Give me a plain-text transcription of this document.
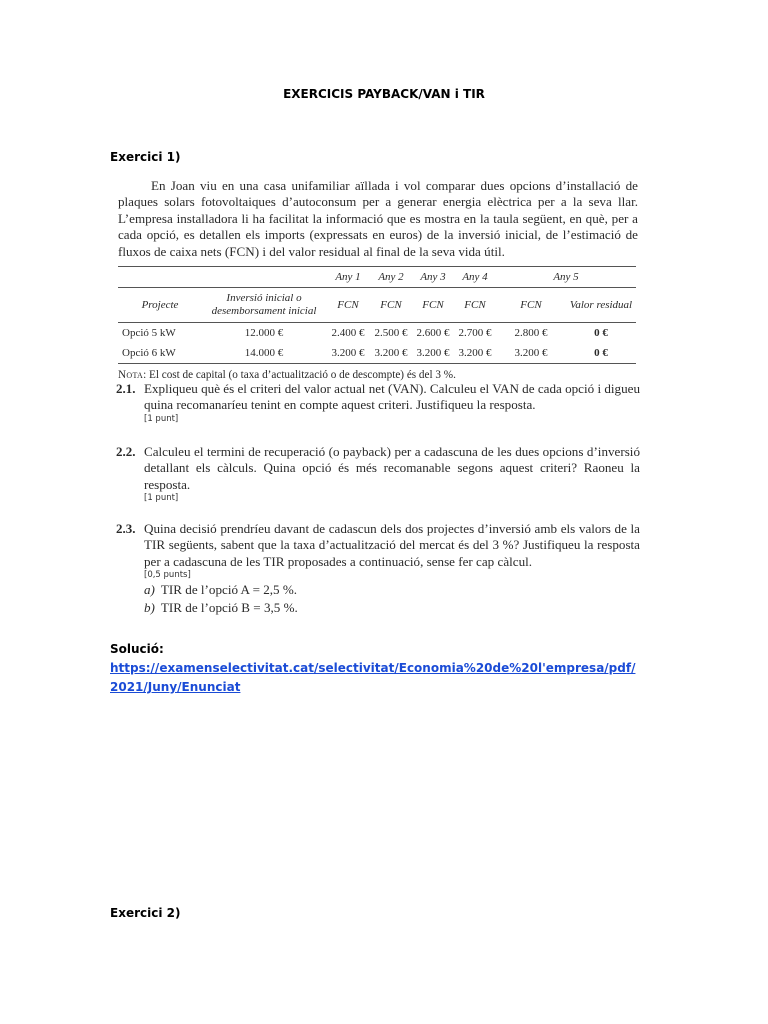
EXERCICIS PAYBACK/VAN i TIR
Exercici 1)

En Joan viu en una casa unifamiliar aïllada i vol comparar dues opcions d’installació de plaques solars fotovoltaiques d’autoconsum per a generar energia elèctrica per a la seva llar. L’empresa installadora li ha facilitat la informació que es mostra en la taula següent, en què, per a cada opció, es detallen els imports (expressats en euros) de la inversió inicial, de l’estimació de fluxos de caixa nets (FCN) i del valor residual al final de la seva vida útil.

		Any 1	Any 2	Any 3	Any 4	Any 5	
Projecte	Inversió inicial o desemborsament inicial	FCN	FCN	FCN	FCN	FCN	Valor residual
Opció 5 kW	12.000 €	2.400 €	2.500 €	2.600 €	2.700 €	2.800 €	0 €
Opció 6 kW	14.000 €	3.200 €	3.200 €	3.200 €	3.200 €	3.200 €	0 €
Nota: El cost de capital (o taxa d’actualització o de descompte) és del 3 %.
2.1. Expliqueu què és el criteri del valor actual net (VAN). Calculeu el VAN de cada opció i digueu quina recomanaríeu tenint en compte aquest criteri. Justifiqueu la resposta.
[1 punt]
2.2. Calculeu el termini de recuperació (o payback) per a cadascuna de les dues opcions d’inversió detallant els càlculs. Quina opció és més recomanable segons aquest criteri? Raoneu la resposta.
[1 punt]
2.3. Quina decisió prendríeu davant de cadascun dels dos projectes d’inversió amb els valors de la TIR següents, sabent que la taxa d’actualització del mercat és del 3 %? Justifiqueu la resposta per a cadascuna de les TIR proposades a continuació, sense fer cap càlcul.
[0,5 punts]
a) TIR de l’opció A = 2,5 %.
b) TIR de l’opció B = 3,5 %.
Solució: https://examenselectivitat.cat/selectivitat/Economia%20de%20l'empresa/pdf/
2021/Juny/Enunciat
Exercici 2)
